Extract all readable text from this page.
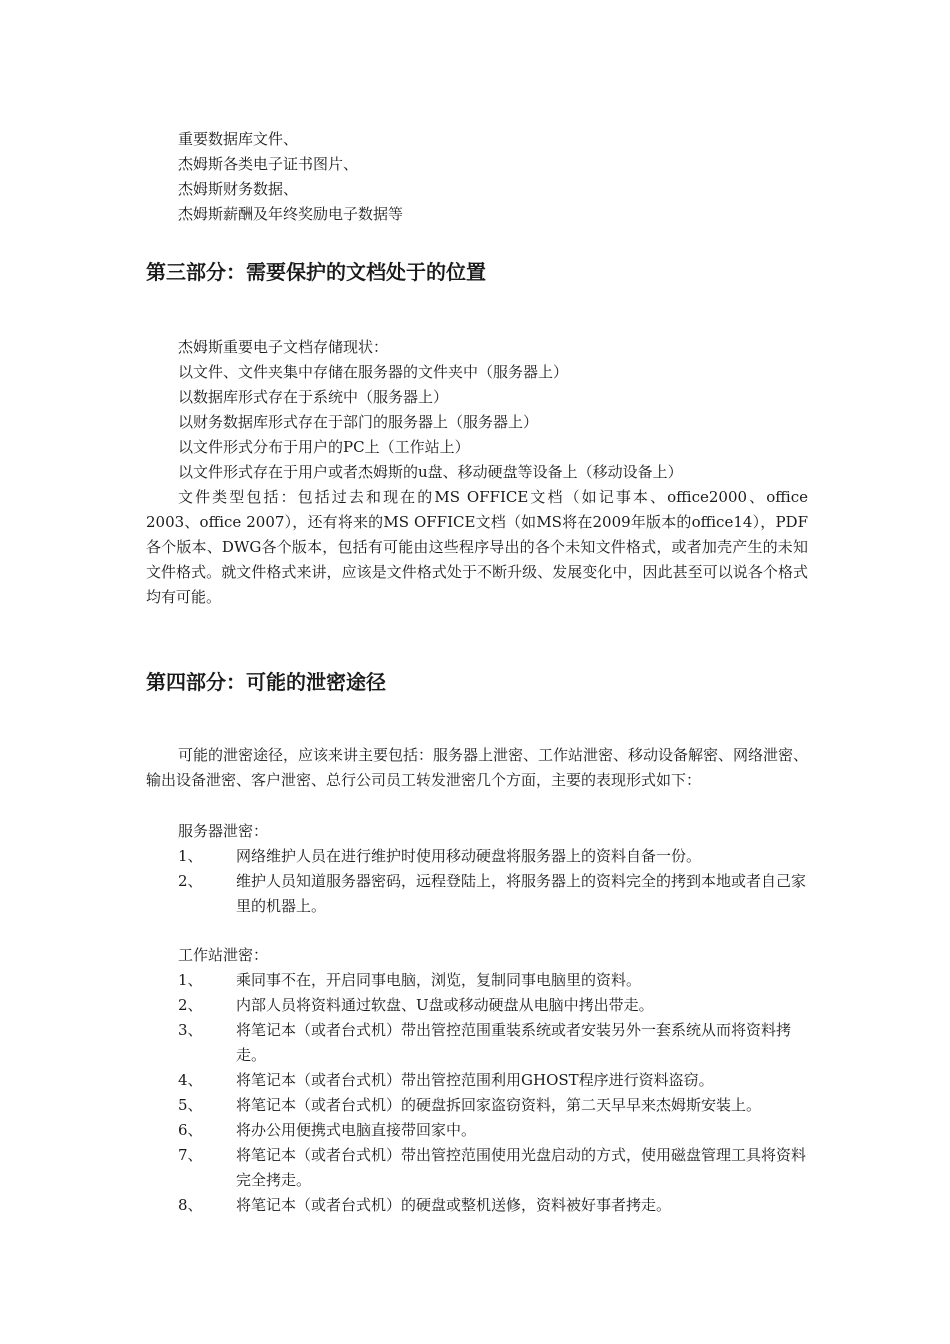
重要数据库文件、
杰姆斯各类电子证书图片、
杰姆斯财务数据、
杰姆斯薪酬及年终奖励电子数据等
第三部分：需要保护的文档处于的位置
杰姆斯重要电子文档存储现状：
以文件、文件夹集中存储在服务器的文件夹中（服务器上）
以数据库形式存在于系统中（服务器上）
以财务数据库形式存在于部门的服务器上（服务器上）
以文件形式分布于用户的PC上（工作站上）
以文件形式存在于用户或者杰姆斯的u盘、移动硬盘等设备上（移动设备上）
文件类型包括：包括过去和现在的MS OFFICE文档（如记事本、office2000、office 2003、office 2007），还有将来的MS OFFICE文档（如MS将在2009年版本的office14），PDF各个版本、DWG各个版本，包括有可能由这些程序导出的各个未知文件格式，或者加壳产生的未知文件格式。就文件格式来讲，应该是文件格式处于不断升级、发展变化中，因此甚至可以说各个格式均有可能。
第四部分：可能的泄密途径
可能的泄密途径，应该来讲主要包括：服务器上泄密、工作站泄密、移动设备解密、网络泄密、输出设备泄密、客户泄密、总行公司员工转发泄密几个方面，主要的表现形式如下：
服务器泄密：
1、 网络维护人员在进行维护时使用移动硬盘将服务器上的资料自备一份。
2、 维护人员知道服务器密码，远程登陆上，将服务器上的资料完全的拷到本地或者自己家里的机器上。
工作站泄密：
1、 乘同事不在，开启同事电脑，浏览，复制同事电脑里的资料。
2、 内部人员将资料通过软盘、U盘或移动硬盘从电脑中拷出带走。
3、 将笔记本（或者台式机）带出管控范围重装系统或者安装另外一套系统从而将资料拷走。
4、 将笔记本（或者台式机）带出管控范围利用GHOST程序进行资料盗窃。
5、 将笔记本（或者台式机）的硬盘拆回家盗窃资料，第二天早早来杰姆斯安装上。
6、 将办公用便携式电脑直接带回家中。
7、 将笔记本（或者台式机）带出管控范围使用光盘启动的方式，使用磁盘管理工具将资料完全拷走。
8、 将笔记本（或者台式机）的硬盘或整机送修，资料被好事者拷走。
